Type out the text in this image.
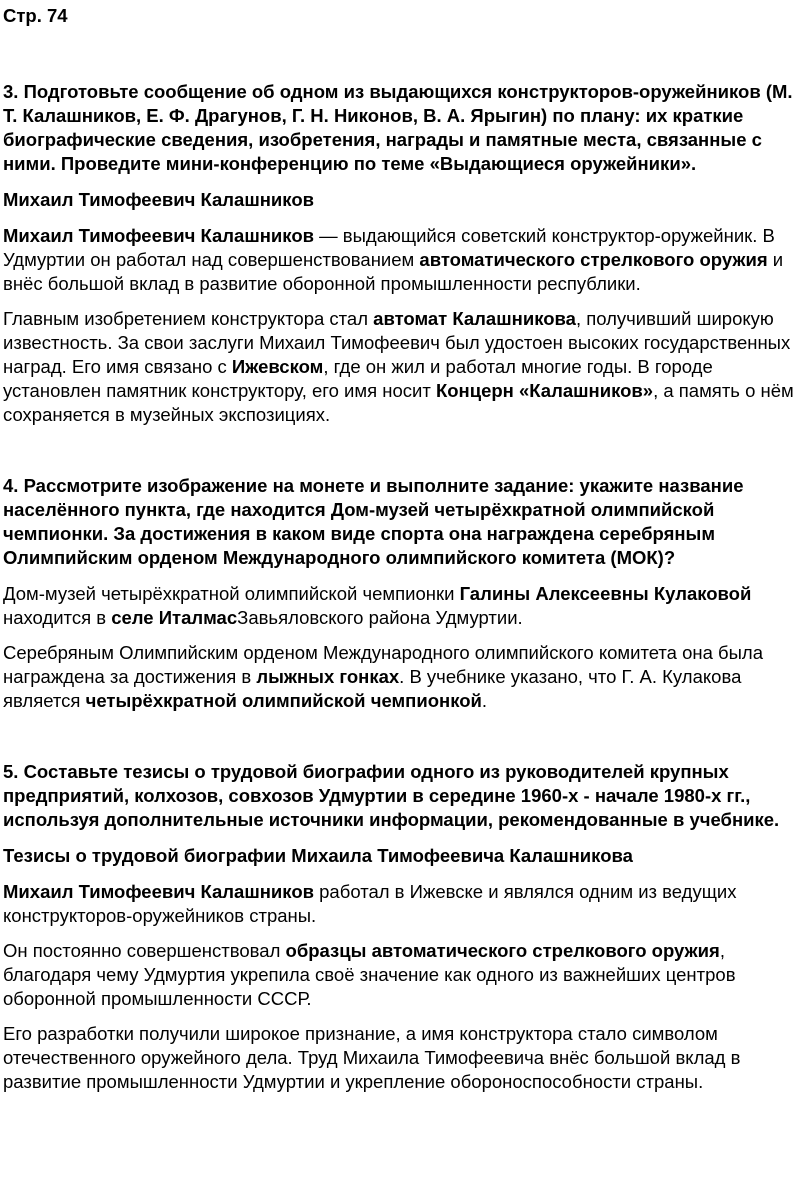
Стр. 74
3. Подготовьте сообщение об одном из выдающихся конструкторов-оружейников (М. Т. Калашников, Е. Ф. Драгунов, Г. Н. Никонов, В. А. Ярыгин) по плану: их краткие биографические сведения, изобретения, награды и памятные места, связанные с ними. Проведите мини-конференцию по теме «Выдающиеся оружейники».
Михаил Тимофеевич Калашников

Михаил Тимофеевич Калашников — выдающийся советский конструктор-оружейник. В Удмуртии он работал над совершенствованием автоматического стрелкового оружия и внёс большой вклад в развитие оборонной промышленности республики.

Главным изобретением конструктора стал автомат Калашникова, получивший широкую известность. За свои заслуги Михаил Тимофеевич был удостоен высоких государственных наград. Его имя связано с Ижевском, где он жил и работал многие годы. В городе установлен памятник конструктору, его имя носит Концерн «Калашников», а память о нём сохраняется в музейных экспозициях.

4. Рассмотрите изображение на монете и выполните задание: укажите название населённого пункта, где находится Дом-музей четырёхкратной олимпийской чемпионки. За достижения в каком виде спорта она награждена серебряным Олимпийским орденом Международного олимпийского комитета (МОК)?

Дом-музей четырёхкратной олимпийской чемпионки Галины Алексеевны Кулаковой находится в селе ИталмасЗавьяловского района Удмуртии.

Серебряным Олимпийским орденом Международного олимпийского комитета она была награждена за достижения в лыжных гонках. В учебнике указано, что Г. А. Кулакова является четырёхкратной олимпийской чемпионкой.

5. Составьте тезисы о трудовой биографии одного из руководителей крупных предприятий, колхозов, совхозов Удмуртии в середине 1960-х - начале 1980-х гг., используя дополнительные источники информации, рекомендованные в учебнике.
Тезисы о трудовой биографии Михаила Тимофеевича Калашникова

Михаил Тимофеевич Калашников работал в Ижевске и являлся одним из ведущих конструкторов-оружейников страны.

Он постоянно совершенствовал образцы автоматического стрелкового оружия, благодаря чему Удмуртия укрепила своё значение как одного из важнейших центров оборонной промышленности СССР.

Его разработки получили широкое признание, а имя конструктора стало символом отечественного оружейного дела. Труд Михаила Тимофеевича внёс большой вклад в развитие промышленности Удмуртии и укрепление обороноспособности страны.
